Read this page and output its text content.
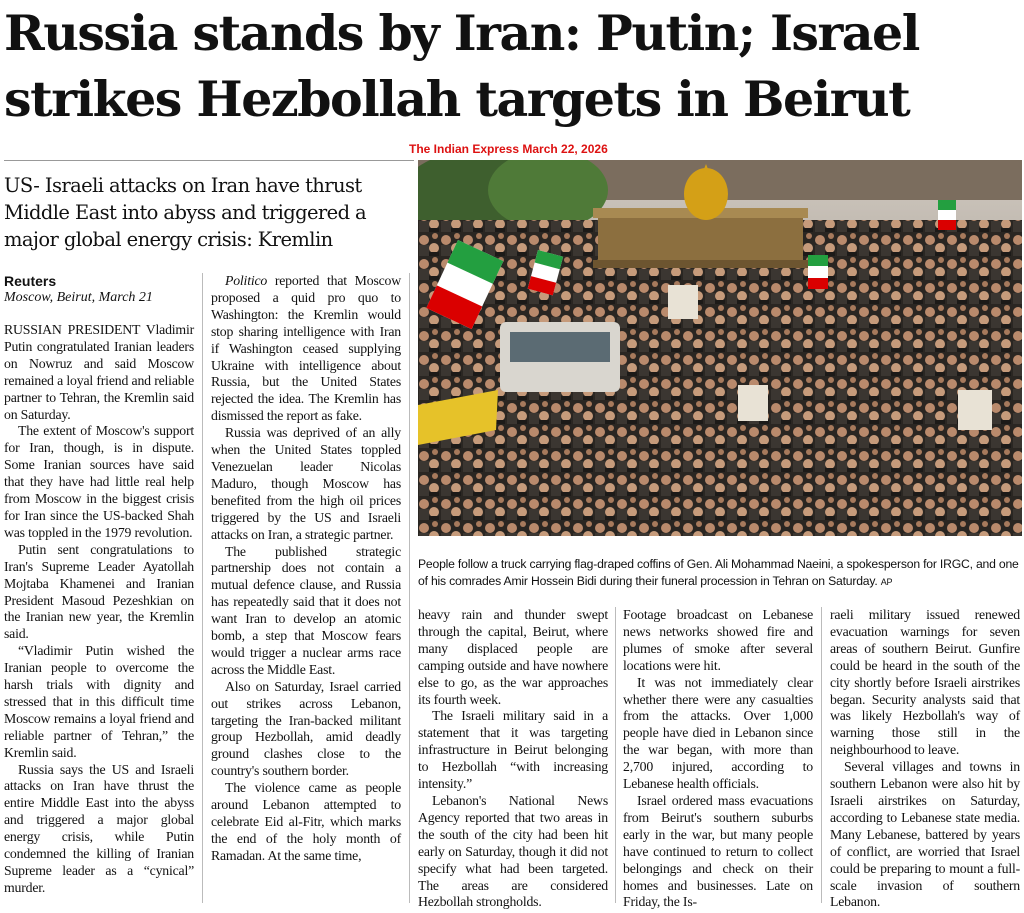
Russia stands by Iran: Putin; Israel
strikes Hezbollah targets in Beirut
The Indian Express March 22, 2026
US- Israeli attacks on Iran have thrust Middle East into abyss and triggered a major global energy crisis: Kremlin
Reuters
Moscow, Beirut, March 21

RUSSIAN PRESIDENT Vladimir Putin congratulated Iranian leaders on Nowruz and said Moscow remained a loyal friend and reliable partner to Tehran, the Kremlin said on Saturday.

The extent of Moscow's support for Iran, though, is in dispute. Some Iranian sources have said that they have had little real help from Moscow in the biggest crisis for Iran since the US-backed Shah was toppled in the 1979 revolution.

Putin sent congratulations to Iran's Supreme Leader Ayatollah Mojtaba Khamenei and Iranian President Masoud Pezeshkian on the Iranian new year, the Kremlin said.

“Vladimir Putin wished the Iranian people to overcome the harsh trials with dignity and stressed that in this difficult time Moscow remains a loyal friend and reliable partner of Tehran,” the Kremlin said.

Russia says the US and Israeli attacks on Iran have thrust the entire Middle East into the abyss and triggered a major global energy crisis, while Putin condemned the killing of Iranian Supreme leader as a “cynical” murder.

Politico reported that Moscow proposed a quid pro quo to Washington: the Kremlin would stop sharing intelligence with Iran if Washington ceased supplying Ukraine with intelligence about Russia, but the United States rejected the idea. The Kremlin has dismissed the report as fake.

Russia was deprived of an ally when the United States toppled Venezuelan leader Nicolas Maduro, though Moscow has benefited from the high oil prices triggered by the US and Israeli attacks on Iran, a strategic partner.

The published strategic partnership does not contain a mutual defence clause, and Russia has repeatedly said that it does not want Iran to develop an atomic bomb, a step that Moscow fears would trigger a nuclear arms race across the Middle East.

Also on Saturday, Israel carried out strikes across Lebanon, targeting the Iran-backed militant group Hezbollah, amid deadly ground clashes close to the country's southern border.

The violence came as people around Lebanon attempted to celebrate Eid al-Fitr, which marks the end of the holy month of Ramadan. At the same time,

People follow a truck carrying flag-draped coffins of Gen. Ali Mohammad Naeini, a spokesperson for IRGC, and one of his comrades Amir Hossein Bidi during their funeral procession in Tehran on Saturday. AP

heavy rain and thunder swept through the capital, Beirut, where many displaced people are camping outside and have nowhere else to go, as the war approaches its fourth week.

The Israeli military said in a statement that it was targeting infrastructure in Beirut belonging to Hezbollah “with increasing intensity.”

Lebanon's National News Agency reported that two areas in the south of the city had been hit early on Saturday, though it did not specify what had been targeted. The areas are considered Hezbollah strongholds.

Footage broadcast on Lebanese news networks showed fire and plumes of smoke after several locations were hit.

It was not immediately clear whether there were any casualties from the attacks. Over 1,000 people have died in Lebanon since the war began, with more than 2,700 injured, according to Lebanese health officials.

Israel ordered mass evacuations from Beirut's southern suburbs early in the war, but many people have continued to return to collect belongings and check on their homes and businesses. Late on Friday, the Is-

raeli military issued renewed evacuation warnings for seven areas of southern Beirut. Gunfire could be heard in the south of the city shortly before Israeli airstrikes began. Security analysts said that was likely Hezbollah's way of warning those still in the neighbourhood to leave.

Several villages and towns in southern Lebanon were also hit by Israeli airstrikes on Saturday, according to Lebanese state media. Many Lebanese, battered by years of conflict, are worried that Israel could be preparing to mount a full-scale invasion of southern Lebanon.
